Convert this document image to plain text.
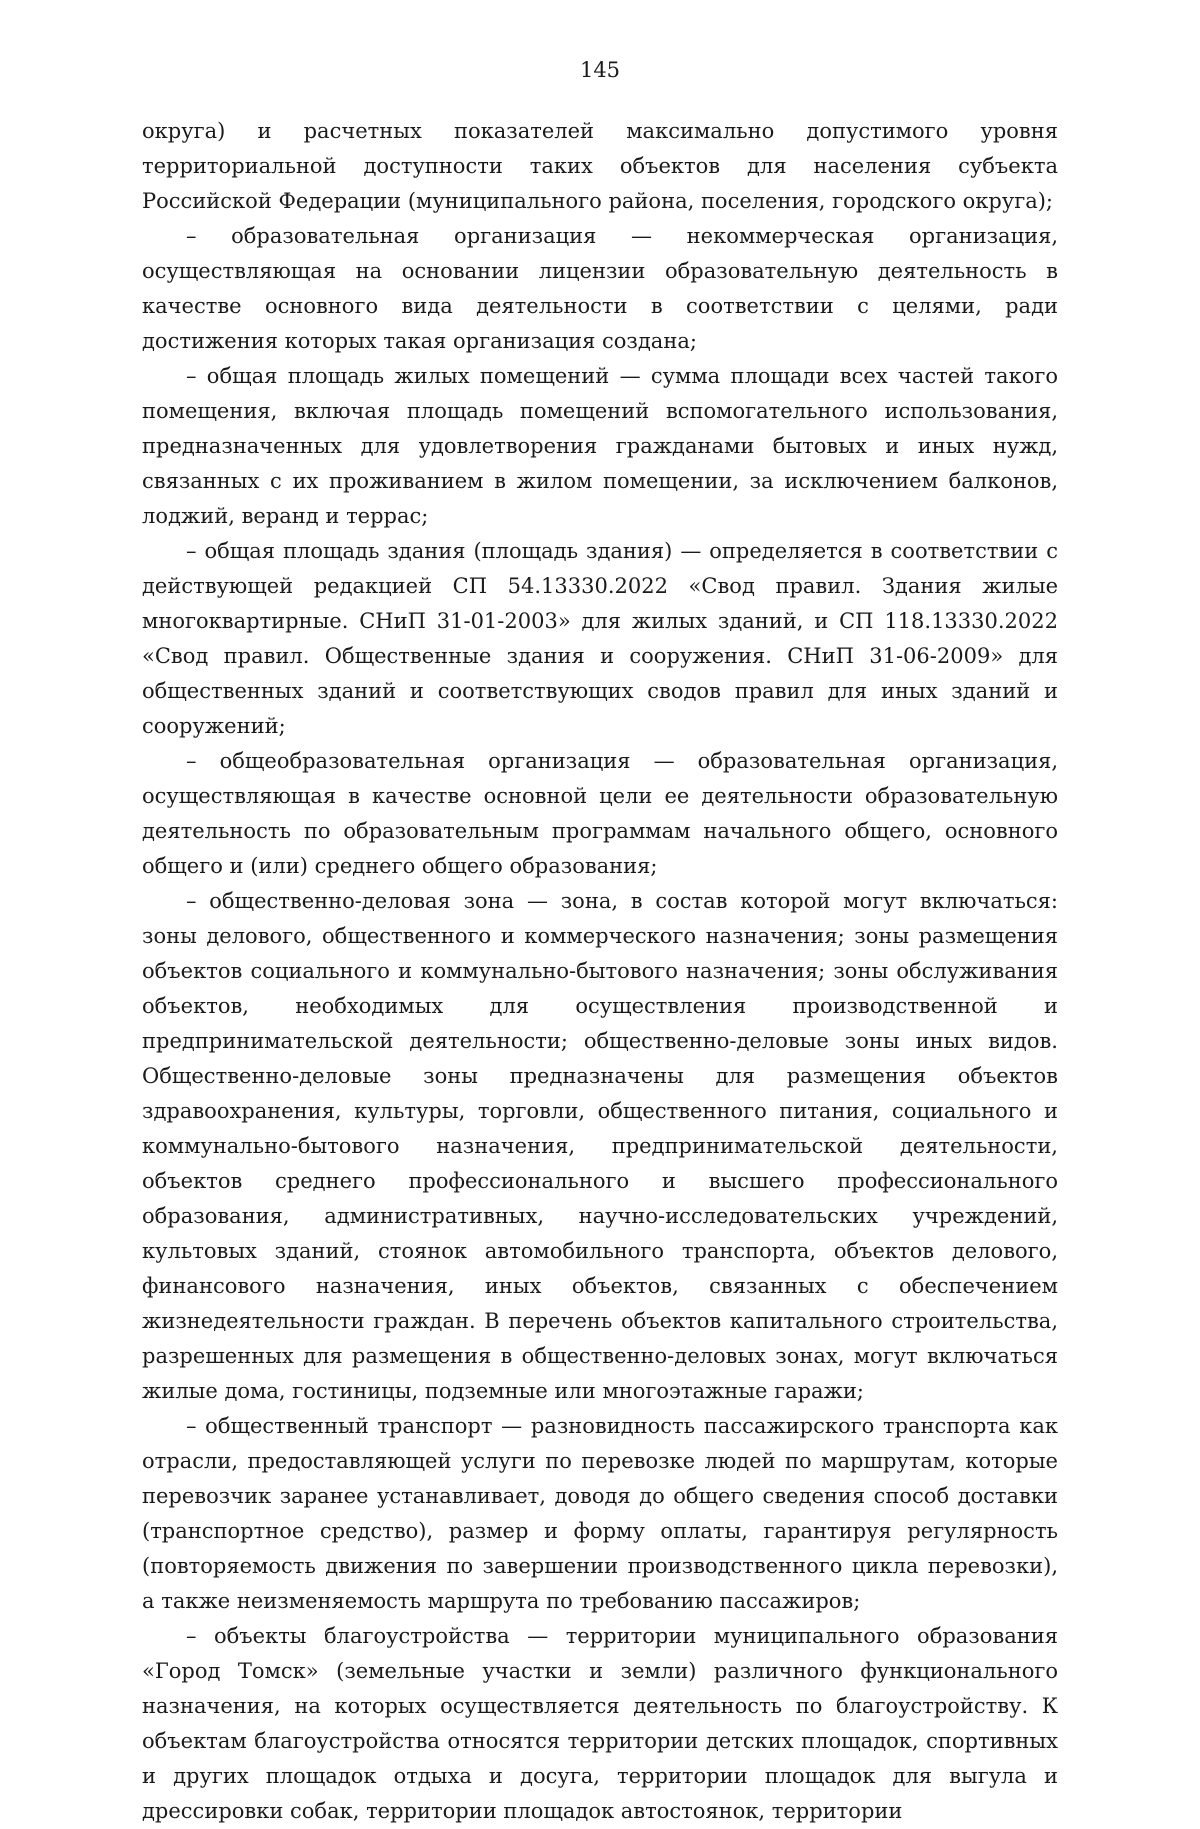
145

округа) и расчетных показателей максимально допустимого уровня территориальной доступности таких объектов для населения субъекта Российской Федерации (муниципального района, поселения, городского округа);

– образовательная организация — некоммерческая организация, осуществляющая на основании лицензии образовательную деятельность в качестве основного вида деятельности в соответствии с целями, ради достижения которых такая организация создана;

– общая площадь жилых помещений — сумма площади всех частей такого помещения, включая площадь помещений вспомогательного использования, предназначенных для удовлетворения гражданами бытовых и иных нужд, связанных с их проживанием в жилом помещении, за исключением балконов, лоджий, веранд и террас;

– общая площадь здания (площадь здания) — определяется в соответствии с действующей редакцией СП 54.13330.2022 «Свод правил. Здания жилые многоквартирные. СНиП 31-01-2003» для жилых зданий, и СП 118.13330.2022 «Свод правил. Общественные здания и сооружения. СНиП 31-06-2009» для общественных зданий и соответствующих сводов правил для иных зданий и сооружений;

– общеобразовательная организация — образовательная организация, осуществляющая в качестве основной цели ее деятельности образовательную деятельность по образовательным программам начального общего, основного общего и (или) среднего общего образования;

– общественно-деловая зона — зона, в состав которой могут включаться: зоны делового, общественного и коммерческого назначения; зоны размещения объектов социального и коммунально-бытового назначения; зоны обслуживания объектов, необходимых для осуществления производственной и предпринимательской деятельности; общественно-деловые зоны иных видов. Общественно-деловые зоны предназначены для размещения объектов здравоохранения, культуры, торговли, общественного питания, социального и коммунально-бытового назначения, предпринимательской деятельности, объектов среднего профессионального и высшего профессионального образования, административных, научно-исследовательских учреждений, культовых зданий, стоянок автомобильного транспорта, объектов делового, финансового назначения, иных объектов, связанных с обеспечением жизнедеятельности граждан. В перечень объектов капитального строительства, разрешенных для размещения в общественно-деловых зонах, могут включаться жилые дома, гостиницы, подземные или многоэтажные гаражи;

– общественный транспорт — разновидность пассажирского транспорта как отрасли, предоставляющей услуги по перевозке людей по маршрутам, которые перевозчик заранее устанавливает, доводя до общего сведения способ доставки (транспортное средство), размер и форму оплаты, гарантируя регулярность (повторяемость движения по завершении производственного цикла перевозки), а также неизменяемость маршрута по требованию пассажиров;

– объекты благоустройства — территории муниципального образования «Город Томск» (земельные участки и земли) различного функционального назначения, на которых осуществляется деятельность по благоустройству. К объектам благоустройства относятся территории детских площадок, спортивных и других площадок отдыха и досуга, территории площадок для выгула и дрессировки собак, территории площадок автостоянок, территории
